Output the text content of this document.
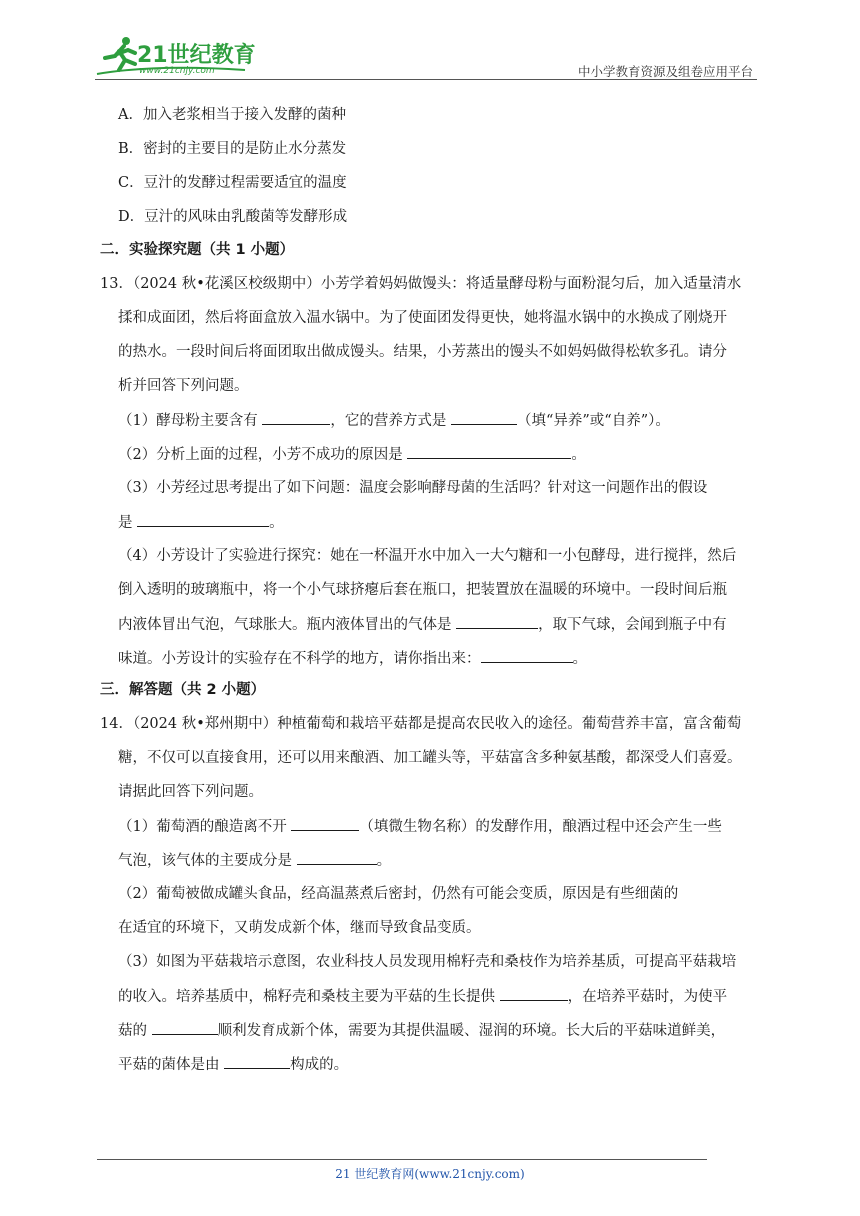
21世纪教育
www.21cnjy.com	中小学教育资源及组卷应用平台
A．加入老浆相当于接入发酵的菌种
B．密封的主要目的是防止水分蒸发
C．豆汁的发酵过程需要适宜的温度
D．豆汁的风味由乳酸菌等发酵形成
二．实验探究题（共 1 小题）
13．（2024 秋•花溪区校级期中）小芳学着妈妈做馒头：将适量酵母粉与面粉混匀后，加入适量清水
揉和成面团，然后将面盒放入温水锅中。为了使面团发得更快，她将温水锅中的水换成了刚烧开
的热水。一段时间后将面团取出做成馒头。结果，小芳蒸出的馒头不如妈妈做得松软多孔。请分
析并回答下列问题。
（1）酵母粉主要含有	，它的营养方式是	（填“异养”或“自养”）。
（2）分析上面的过程，小芳不成功的原因是	。
（3）小芳经过思考提出了如下问题：温度会影响酵母菌的生活吗？针对这一问题作出的假设
是	。
（4）小芳设计了实验进行探究：她在一杯温开水中加入一大勺糖和一小包酵母，进行搅拌，然后
倒入透明的玻璃瓶中，将一个小气球挤瘪后套在瓶口，把装置放在温暖的环境中。一段时间后瓶
内液体冒出气泡，气球胀大。瓶内液体冒出的气体是	，取下气球，会闻到瓶子中有
味道。小芳设计的实验存在不科学的地方，请你指出来：	。
三．解答题（共 2 小题）
14．（2024 秋•郑州期中）种植葡萄和栽培平菇都是提高农民收入的途径。葡萄营养丰富，富含葡萄
糖，不仅可以直接食用，还可以用来酿酒、加工罐头等，平菇富含多种氨基酸，都深受人们喜爱。
请据此回答下列问题。
（1）葡萄酒的酿造离不开	（填微生物名称）的发酵作用，酿酒过程中还会产生一些
气泡，该气体的主要成分是	。
（2）葡萄被做成罐头食品，经高温蒸煮后密封，仍然有可能会变质，原因是有些细菌的
在适宜的环境下，又萌发成新个体，继而导致食品变质。
（3）如图为平菇栽培示意图，农业科技人员发现用棉籽壳和桑枝作为培养基质，可提高平菇栽培
的收入。培养基质中，棉籽壳和桑枝主要为平菇的生长提供	，在培养平菇时，为使平
菇的	顺利发育成新个体，需要为其提供温暖、湿润的环境。长大后的平菇味道鲜美，
平菇的菌体是由	构成的。
21 世纪教育网(www.21cnjy.com)
